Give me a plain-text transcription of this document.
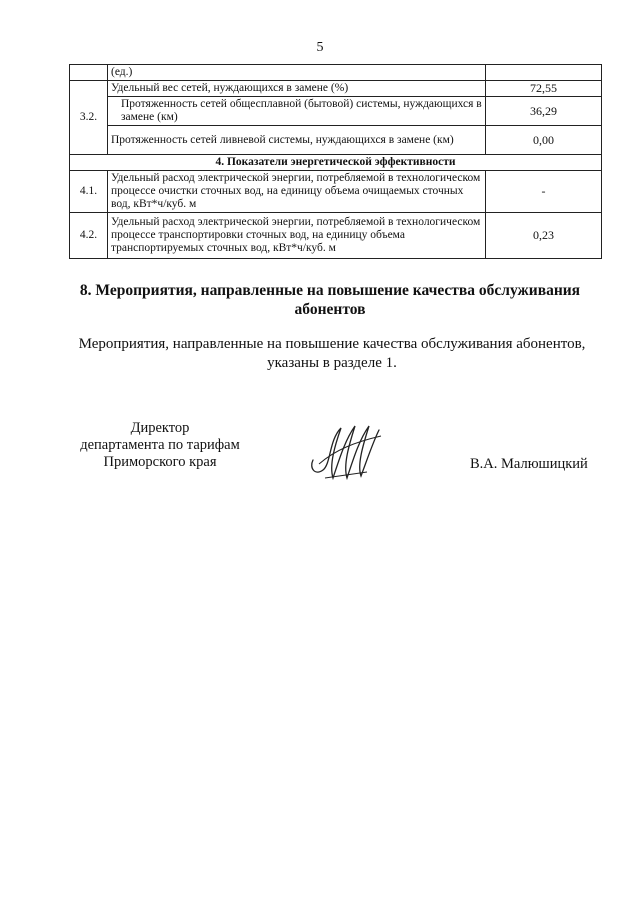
5
	(ед.)	
3.2.	Удельный вес сетей, нуждающихся в замене (%)	72,55
	Протяженность сетей общесплавной (бытовой) системы, нуждающихся в замене (км)	36,29
	Протяженность сетей ливневой системы, нуждающихся в замене (км)	0,00
4. Показатели энергетической эффективности		
4.1.	Удельный расход электрической энергии, потребляемой в технологическом процессе очистки сточных вод, на единицу объема очищаемых сточных вод, кВт*ч/куб. м	-
4.2.	Удельный расход электрической энергии, потребляемой в технологическом процессе транспортировки сточных вод, на единицу объема транспортируемых сточных вод, кВт*ч/куб. м	0,23
8. Мероприятия, направленные на повышение качества обслуживания абонентов
Мероприятия, направленные на повышение качества обслуживания абонентов, указаны в разделе 1.
Директор
департамента по тарифам
Приморского края	В.А. Малюшицкий
